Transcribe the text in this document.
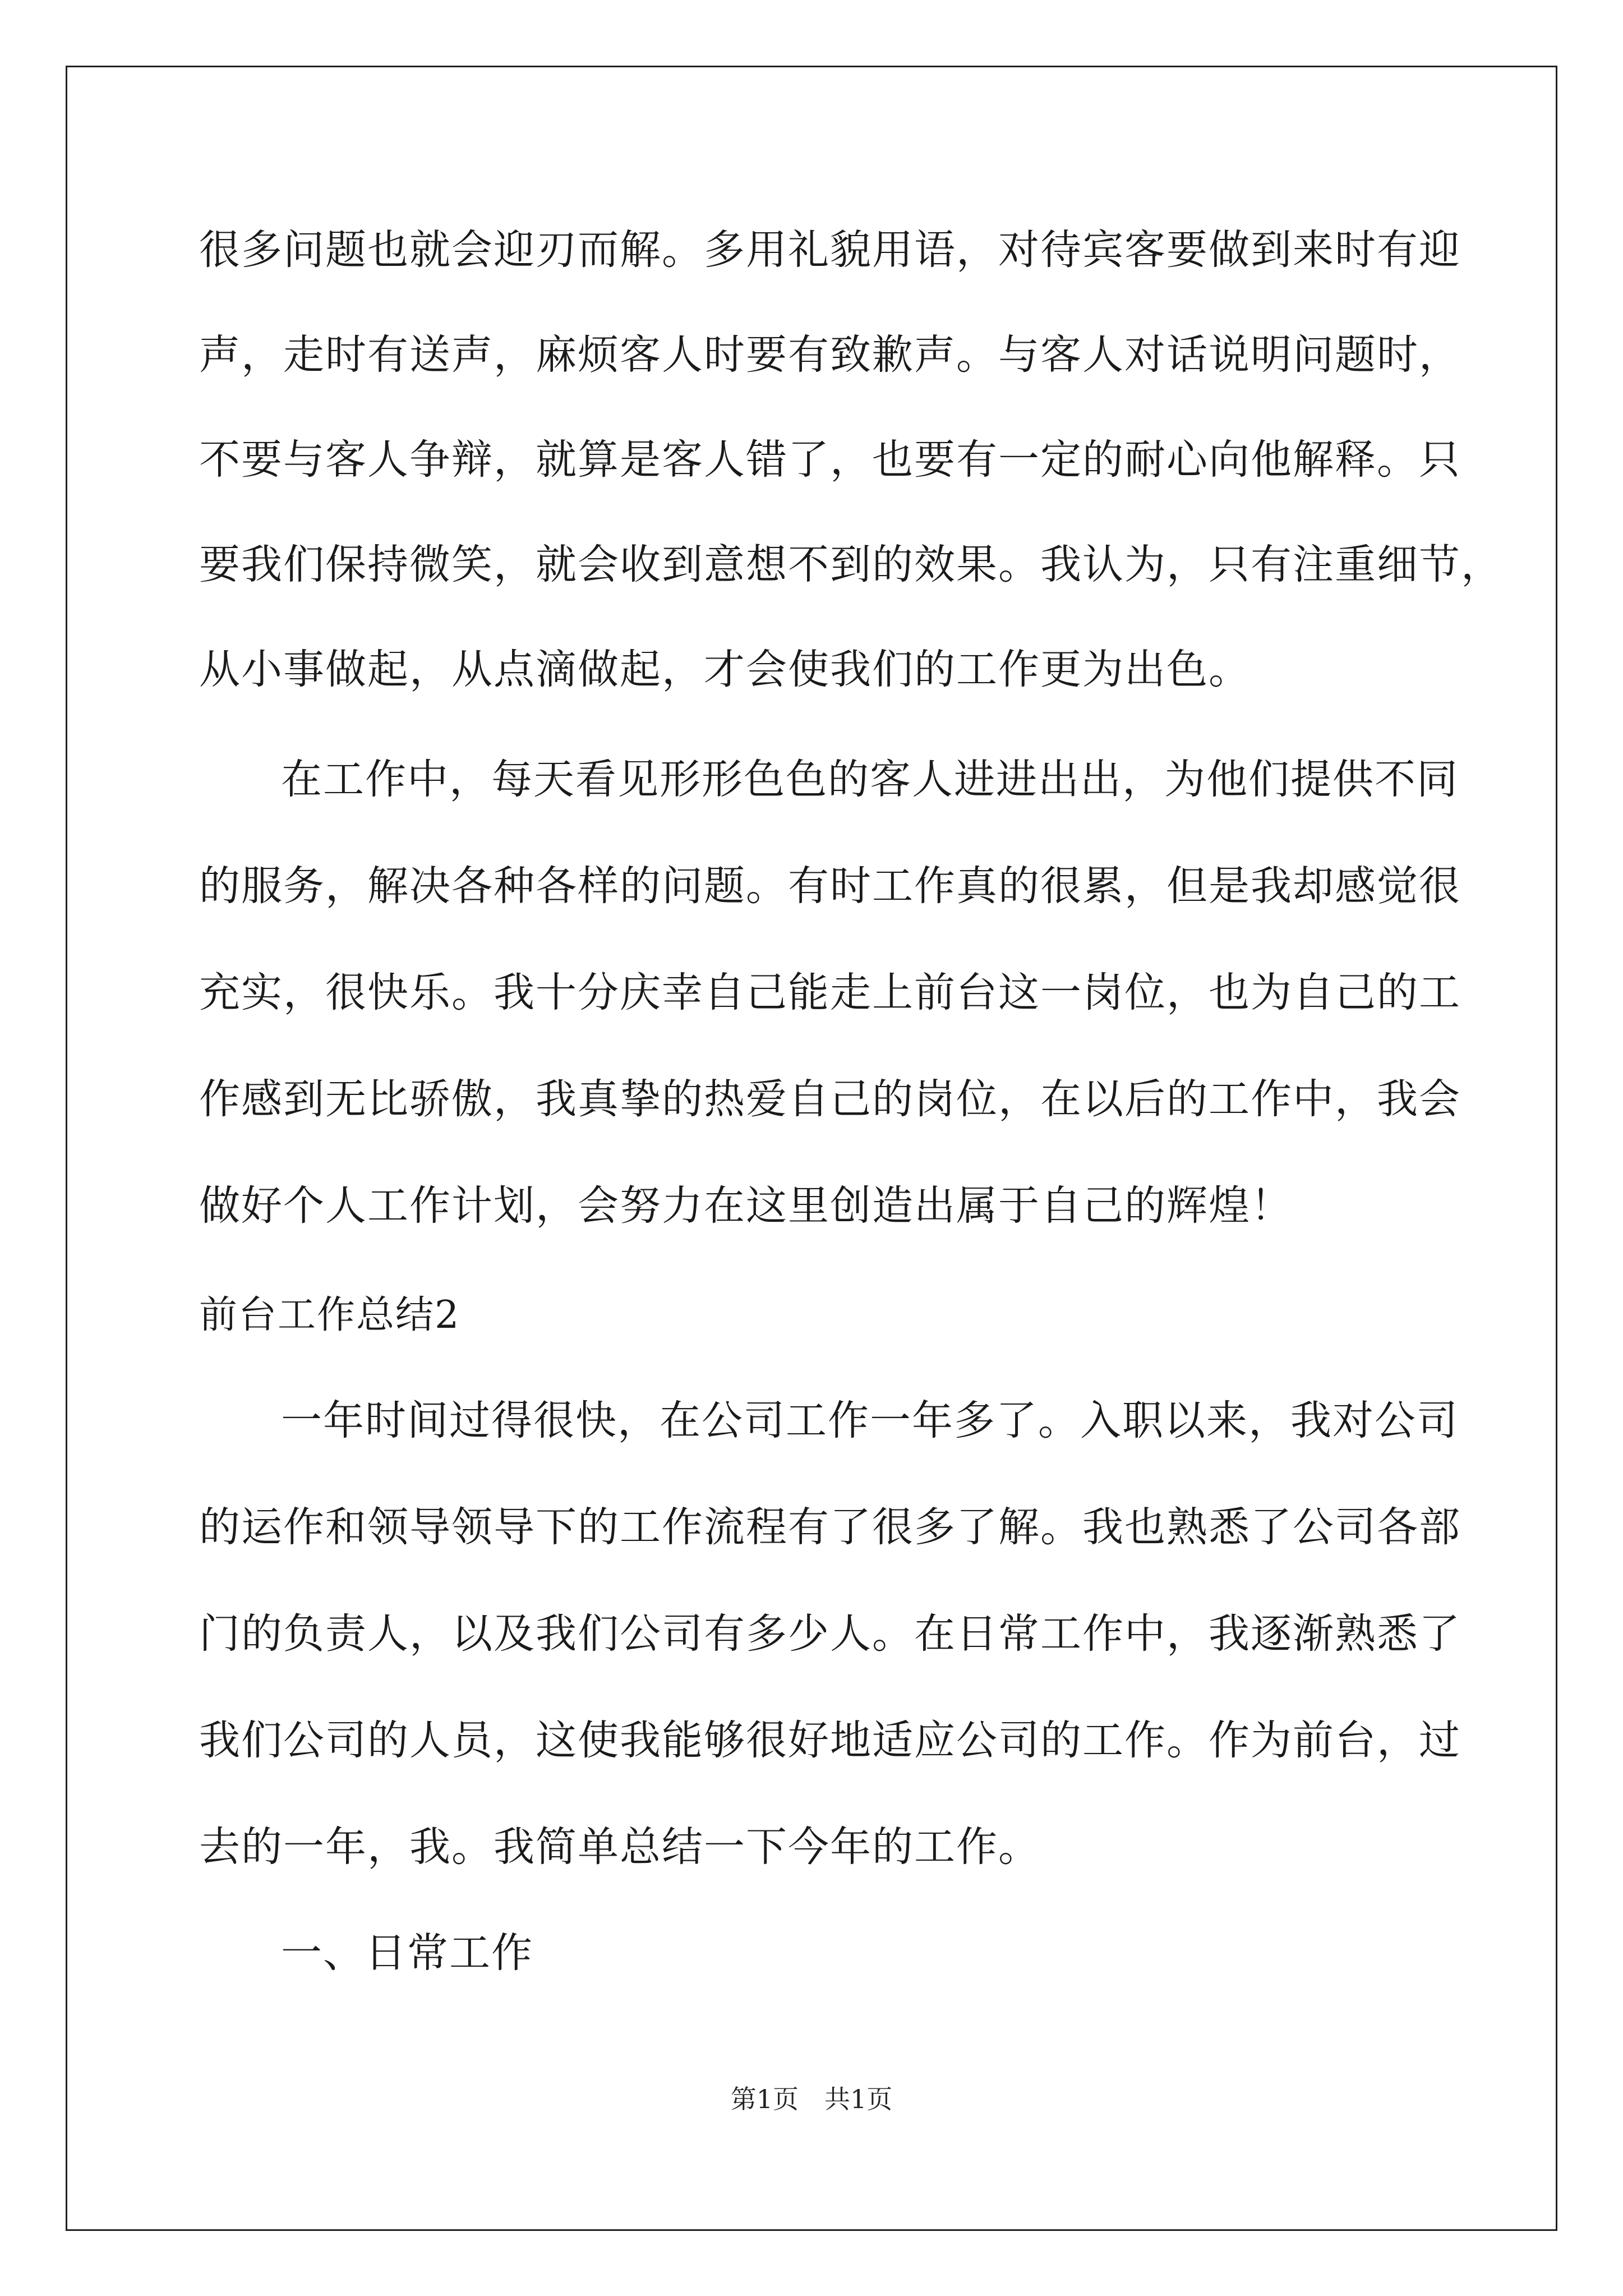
很多问题也就会迎刃而解。多用礼貌用语，对待宾客要做到来时有迎
声，走时有送声，麻烦客人时要有致歉声。与客人对话说明问题时，
不要与客人争辩，就算是客人错了，也要有一定的耐心向他解释。只
要我们保持微笑，就会收到意想不到的效果。我认为，只有注重细节，
从小事做起，从点滴做起，才会使我们的工作更为出色。
在工作中，每天看见形形色色的客人进进出出，为他们提供不同
的服务，解决各种各样的问题。有时工作真的很累，但是我却感觉很
充实，很快乐。我十分庆幸自己能走上前台这一岗位，也为自己的工
作感到无比骄傲，我真挚的热爱自己的岗位，在以后的工作中，我会
做好个人工作计划，会努力在这里创造出属于自己的辉煌！
前台工作总结2
一年时间过得很快，在公司工作一年多了。入职以来，我对公司
的运作和领导领导下的工作流程有了很多了解。我也熟悉了公司各部
门的负责人，以及我们公司有多少人。在日常工作中，我逐渐熟悉了
我们公司的人员，这使我能够很好地适应公司的工作。作为前台，过
去的一年，我。我简单总结一下今年的工作。
一、日常工作
第1页　共1页
